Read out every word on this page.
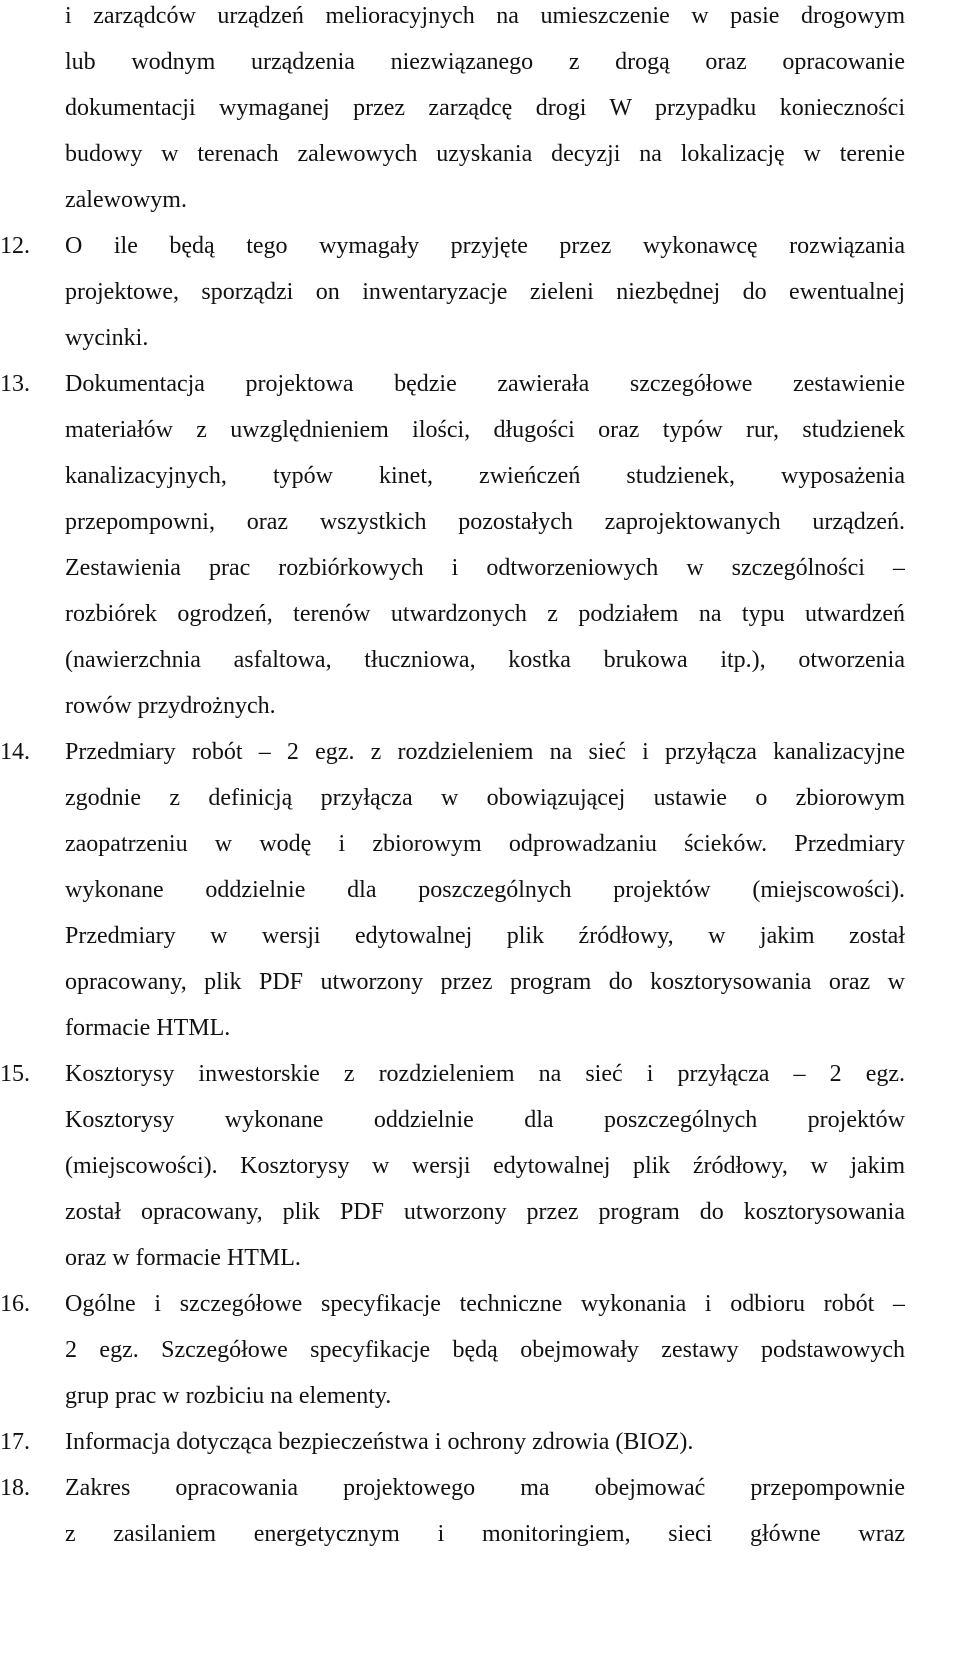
i zarządców urządzeń melioracyjnych na umieszczenie w pasie drogowym
lub wodnym urządzenia niezwiązanego z drogą oraz opracowanie
dokumentacji wymaganej przez zarządcę drogi W przypadku konieczności
budowy w terenach zalewowych uzyskania decyzji na lokalizację w terenie
zalewowym.
12.	O ile będą tego wymagały przyjęte przez wykonawcę rozwiązania
projektowe, sporządzi on inwentaryzacje zieleni niezbędnej do ewentualnej
wycinki.
13.	Dokumentacja projektowa będzie zawierała szczegółowe zestawienie
materiałów z uwzględnieniem ilości, długości oraz typów rur, studzienek
kanalizacyjnych, typów kinet, zwieńczeń studzienek, wyposażenia
przepompowni, oraz wszystkich pozostałych zaprojektowanych urządzeń.
Zestawienia prac rozbiórkowych i odtworzeniowych w szczególności –
rozbiórek ogrodzeń, terenów utwardzonych z podziałem na typu utwardzeń
(nawierzchnia asfaltowa, tłuczniowa, kostka brukowa itp.), otworzenia
rowów przydrożnych.
14.	Przedmiary robót – 2 egz. z rozdzieleniem na sieć i przyłącza kanalizacyjne
zgodnie z definicją przyłącza w obowiązującej ustawie o zbiorowym
zaopatrzeniu w wodę i zbiorowym odprowadzaniu ścieków. Przedmiary
wykonane oddzielnie dla poszczególnych projektów (miejscowości).
Przedmiary w wersji edytowalnej plik źródłowy, w jakim został
opracowany, plik PDF utworzony przez program do kosztorysowania oraz w
formacie HTML.
15.	Kosztorysy inwestorskie z rozdzieleniem na sieć i przyłącza – 2 egz.
Kosztorysy wykonane oddzielnie dla poszczególnych projektów
(miejscowości). Kosztorysy w wersji edytowalnej plik źródłowy, w jakim
został opracowany, plik PDF utworzony przez program do kosztorysowania
oraz w formacie HTML.
16.	Ogólne i szczegółowe specyfikacje techniczne wykonania i odbioru robót –
2 egz. Szczegółowe specyfikacje będą obejmowały zestawy podstawowych
grup prac w rozbiciu na elementy.
17.	Informacja dotycząca bezpieczeństwa i ochrony zdrowia (BIOZ).
18.	Zakres opracowania projektowego ma obejmować przepompownie
z zasilaniem energetycznym i monitoringiem, sieci główne wraz
